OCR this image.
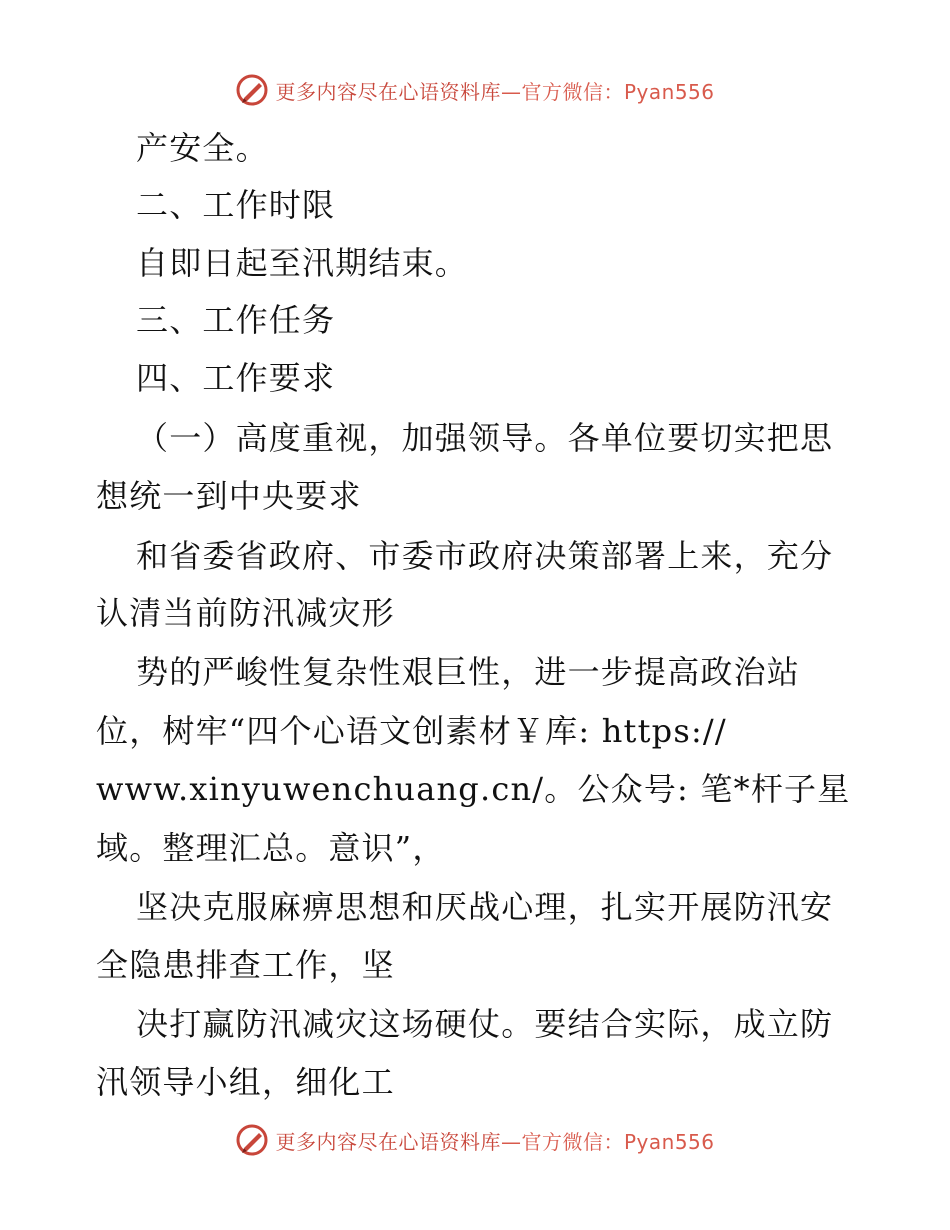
更多内容尽在心语资料库—官方微信：Pyan556
产安全。
二、工作时限
自即日起至汛期结束。
三、工作任务
四、工作要求
（一）高度重视，加强领导。各单位要切实把思
想统一到中央要求
和省委省政府、市委市政府决策部署上来，充分
认清当前防汛减灾形
势的严峻性复杂性艰巨性，进一步提高政治站
位，树牢“四个心语文创素材￥库: https://
www.xinyuwenchuang.cn/。公众号: 笔*杆子星
域。整理汇总。意识”，
坚决克服麻痹思想和厌战心理，扎实开展防汛安
全隐患排查工作，坚
决打赢防汛减灾这场硬仗。要结合实际，成立防
汛领导小组，细化工
更多内容尽在心语资料库—官方微信：Pyan556
